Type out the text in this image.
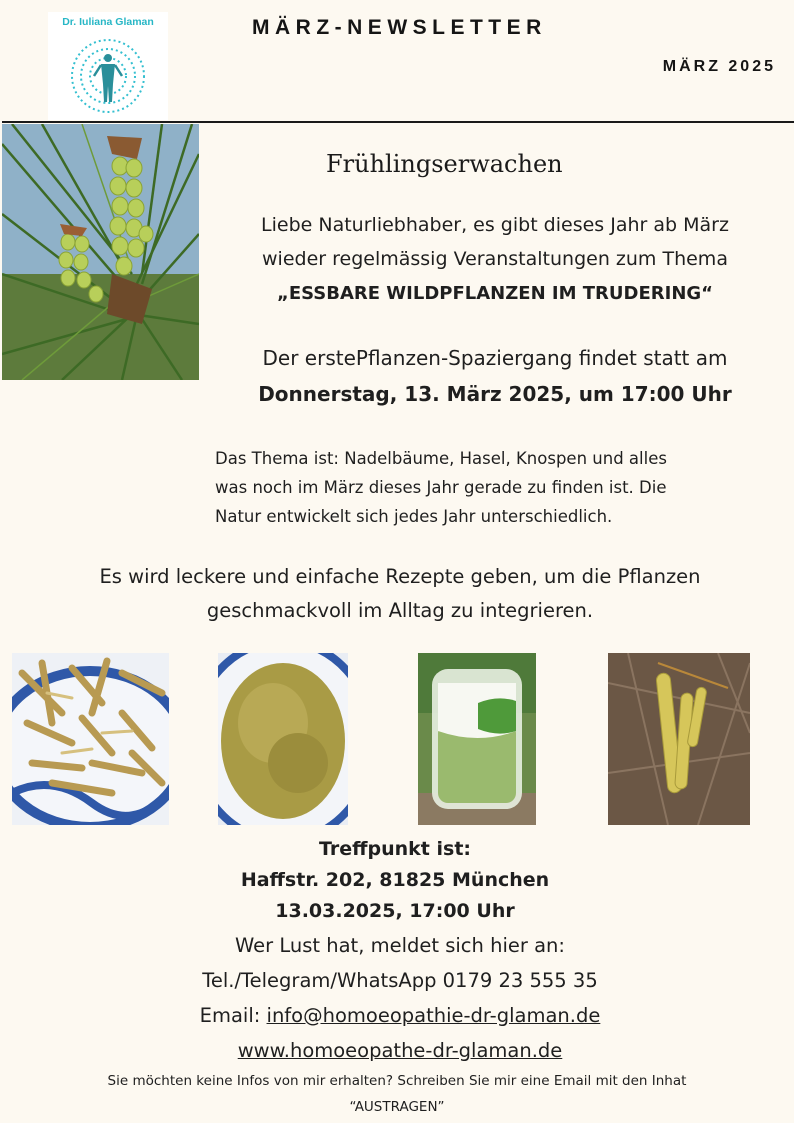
Dr. Iuliana Glaman	MÄRZ-NEWSLETTER
MÄRZ 2025
Frühlingserwachen
Liebe Naturliebhaber, es gibt dieses Jahr ab März
wieder regelmässig Veranstaltungen zum Thema
„ESSBARE WILDPFLANZEN IM TRUDERING“
Der erstePflanzen-Spaziergang findet statt am
Donnerstag, 13. März 2025, um 17:00 Uhr
Das Thema ist: Nadelbäume, Hasel, Knospen und alles
was noch im März dieses Jahr gerade zu finden ist. Die
Natur entwickelt sich jedes Jahr unterschiedlich.
Es wird leckere und einfache Rezepte geben, um die Pflanzen
geschmackvoll im Alltag zu integrieren.
Treffpunkt ist:
Haffstr. 202, 81825 München
13.03.2025, 17:00 Uhr
Wer Lust hat, meldet sich hier an:
Tel./Telegram/WhatsApp 0179 23 555 35
Email: info@homoeopathie-dr-glaman.de
www.homoeopathe-dr-glaman.de
Sie möchten keine Infos von mir erhalten? Schreiben Sie mir eine Email mit den Inhat
“AUSTRAGEN”
